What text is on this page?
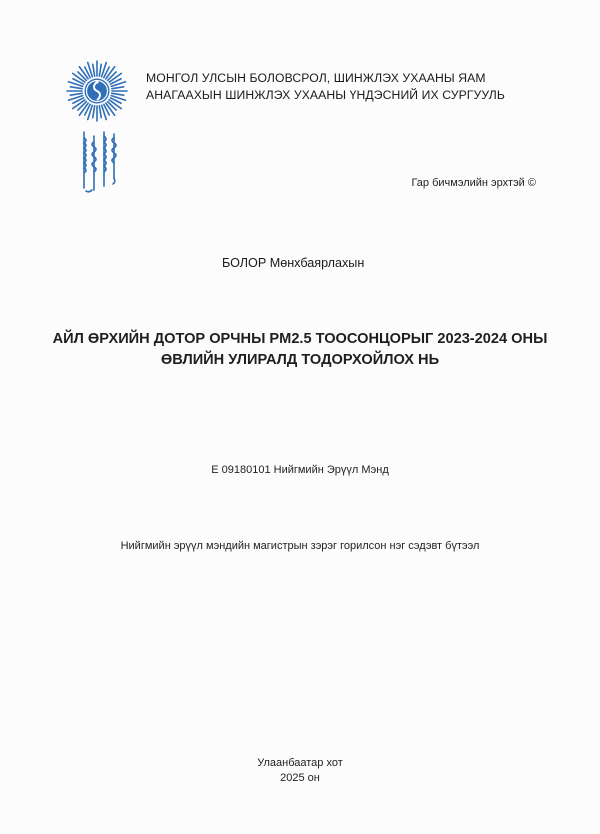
МОНГОЛ УЛСЫН БОЛОВСРОЛ, ШИНЖЛЭХ УХААНЫ ЯАМ
АНАГААХЫН ШИНЖЛЭХ УХААНЫ ҮНДЭСНИЙ ИХ СУРГУУЛЬ
Гар бичмэлийн эрхтэй ©
БОЛОР Мөнхбаярлахын
АЙЛ ӨРХИЙН ДОТОР ОРЧНЫ PM2.5 ТООСОНЦОРЫГ 2023-2024 ОНЫ
ӨВЛИЙН УЛИРАЛД ТОДОРХОЙЛОХ НЬ
E 09180101 Нийгмийн Эрүүл Мэнд
Нийгмийн эрүүл мэндийн магистрын зэрэг горилсон нэг сэдэвт бүтээл
Улаанбаатар хот
2025 он
